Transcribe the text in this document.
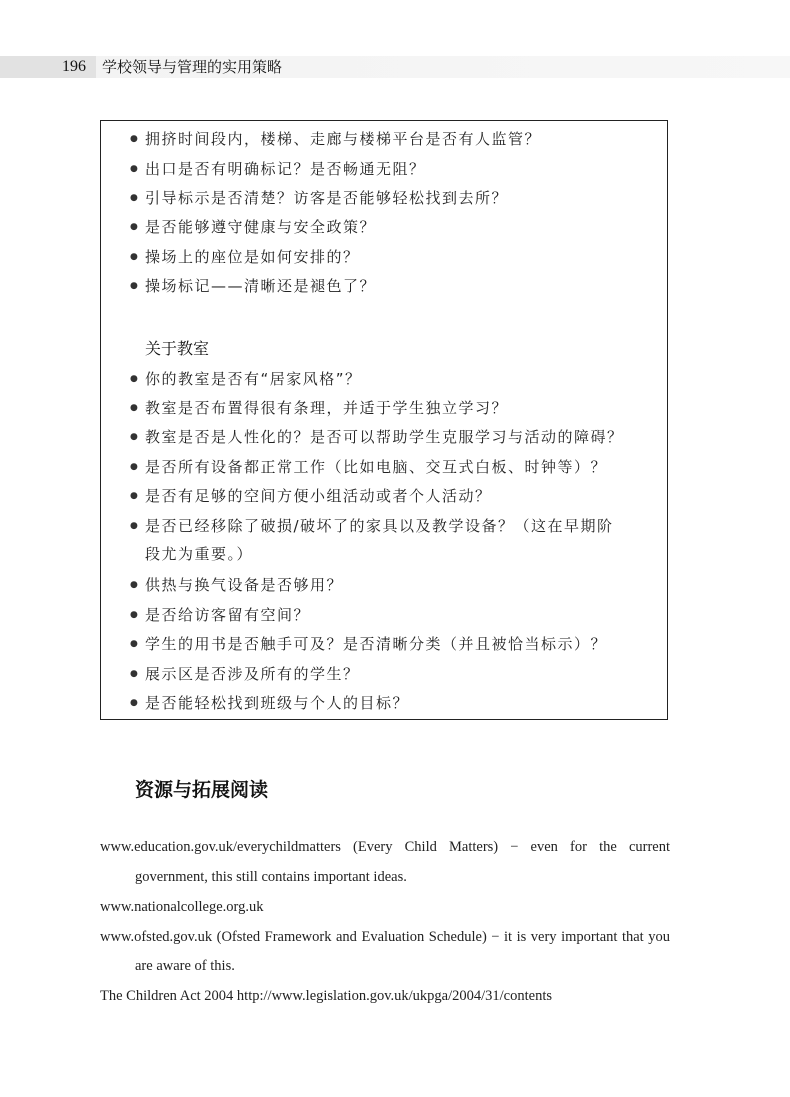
196 学校领导与管理的实用策略
● 拥挤时间段内，楼梯、走廊与楼梯平台是否有人监管？
● 出口是否有明确标记？是否畅通无阻？
● 引导标示是否清楚？访客是否能够轻松找到去所？
● 是否能够遵守健康与安全政策？
● 操场上的座位是如何安排的？
● 操场标记——清晰还是褪色了？
关于教室
● 你的教室是否有“居家风格”？
● 教室是否布置得很有条理，并适于学生独立学习？
● 教室是否是人性化的？是否可以帮助学生克服学习与活动的障碍？
● 是否所有设备都正常工作（比如电脑、交互式白板、时钟等）？
● 是否有足够的空间方便小组活动或者个人活动？
● 是否已经移除了破损/破坏了的家具以及教学设备？（这在早期阶
段尤为重要。）
● 供热与换气设备是否够用？
● 是否给访客留有空间？
● 学生的用书是否触手可及？是否清晰分类（并且被恰当标示）？
● 展示区是否涉及所有的学生？
● 是否能轻松找到班级与个人的目标？
资源与拓展阅读
www.education.gov.uk/everychildmatters (Every Child Matters) − even for the current
government, this still contains important ideas.
www.nationalcollege.org.uk
www.ofsted.gov.uk (Ofsted Framework and Evaluation Schedule) − it is very important that you
are aware of this.
The Children Act 2004 http://www.legislation.gov.uk/ukpga/2004/31/contents
